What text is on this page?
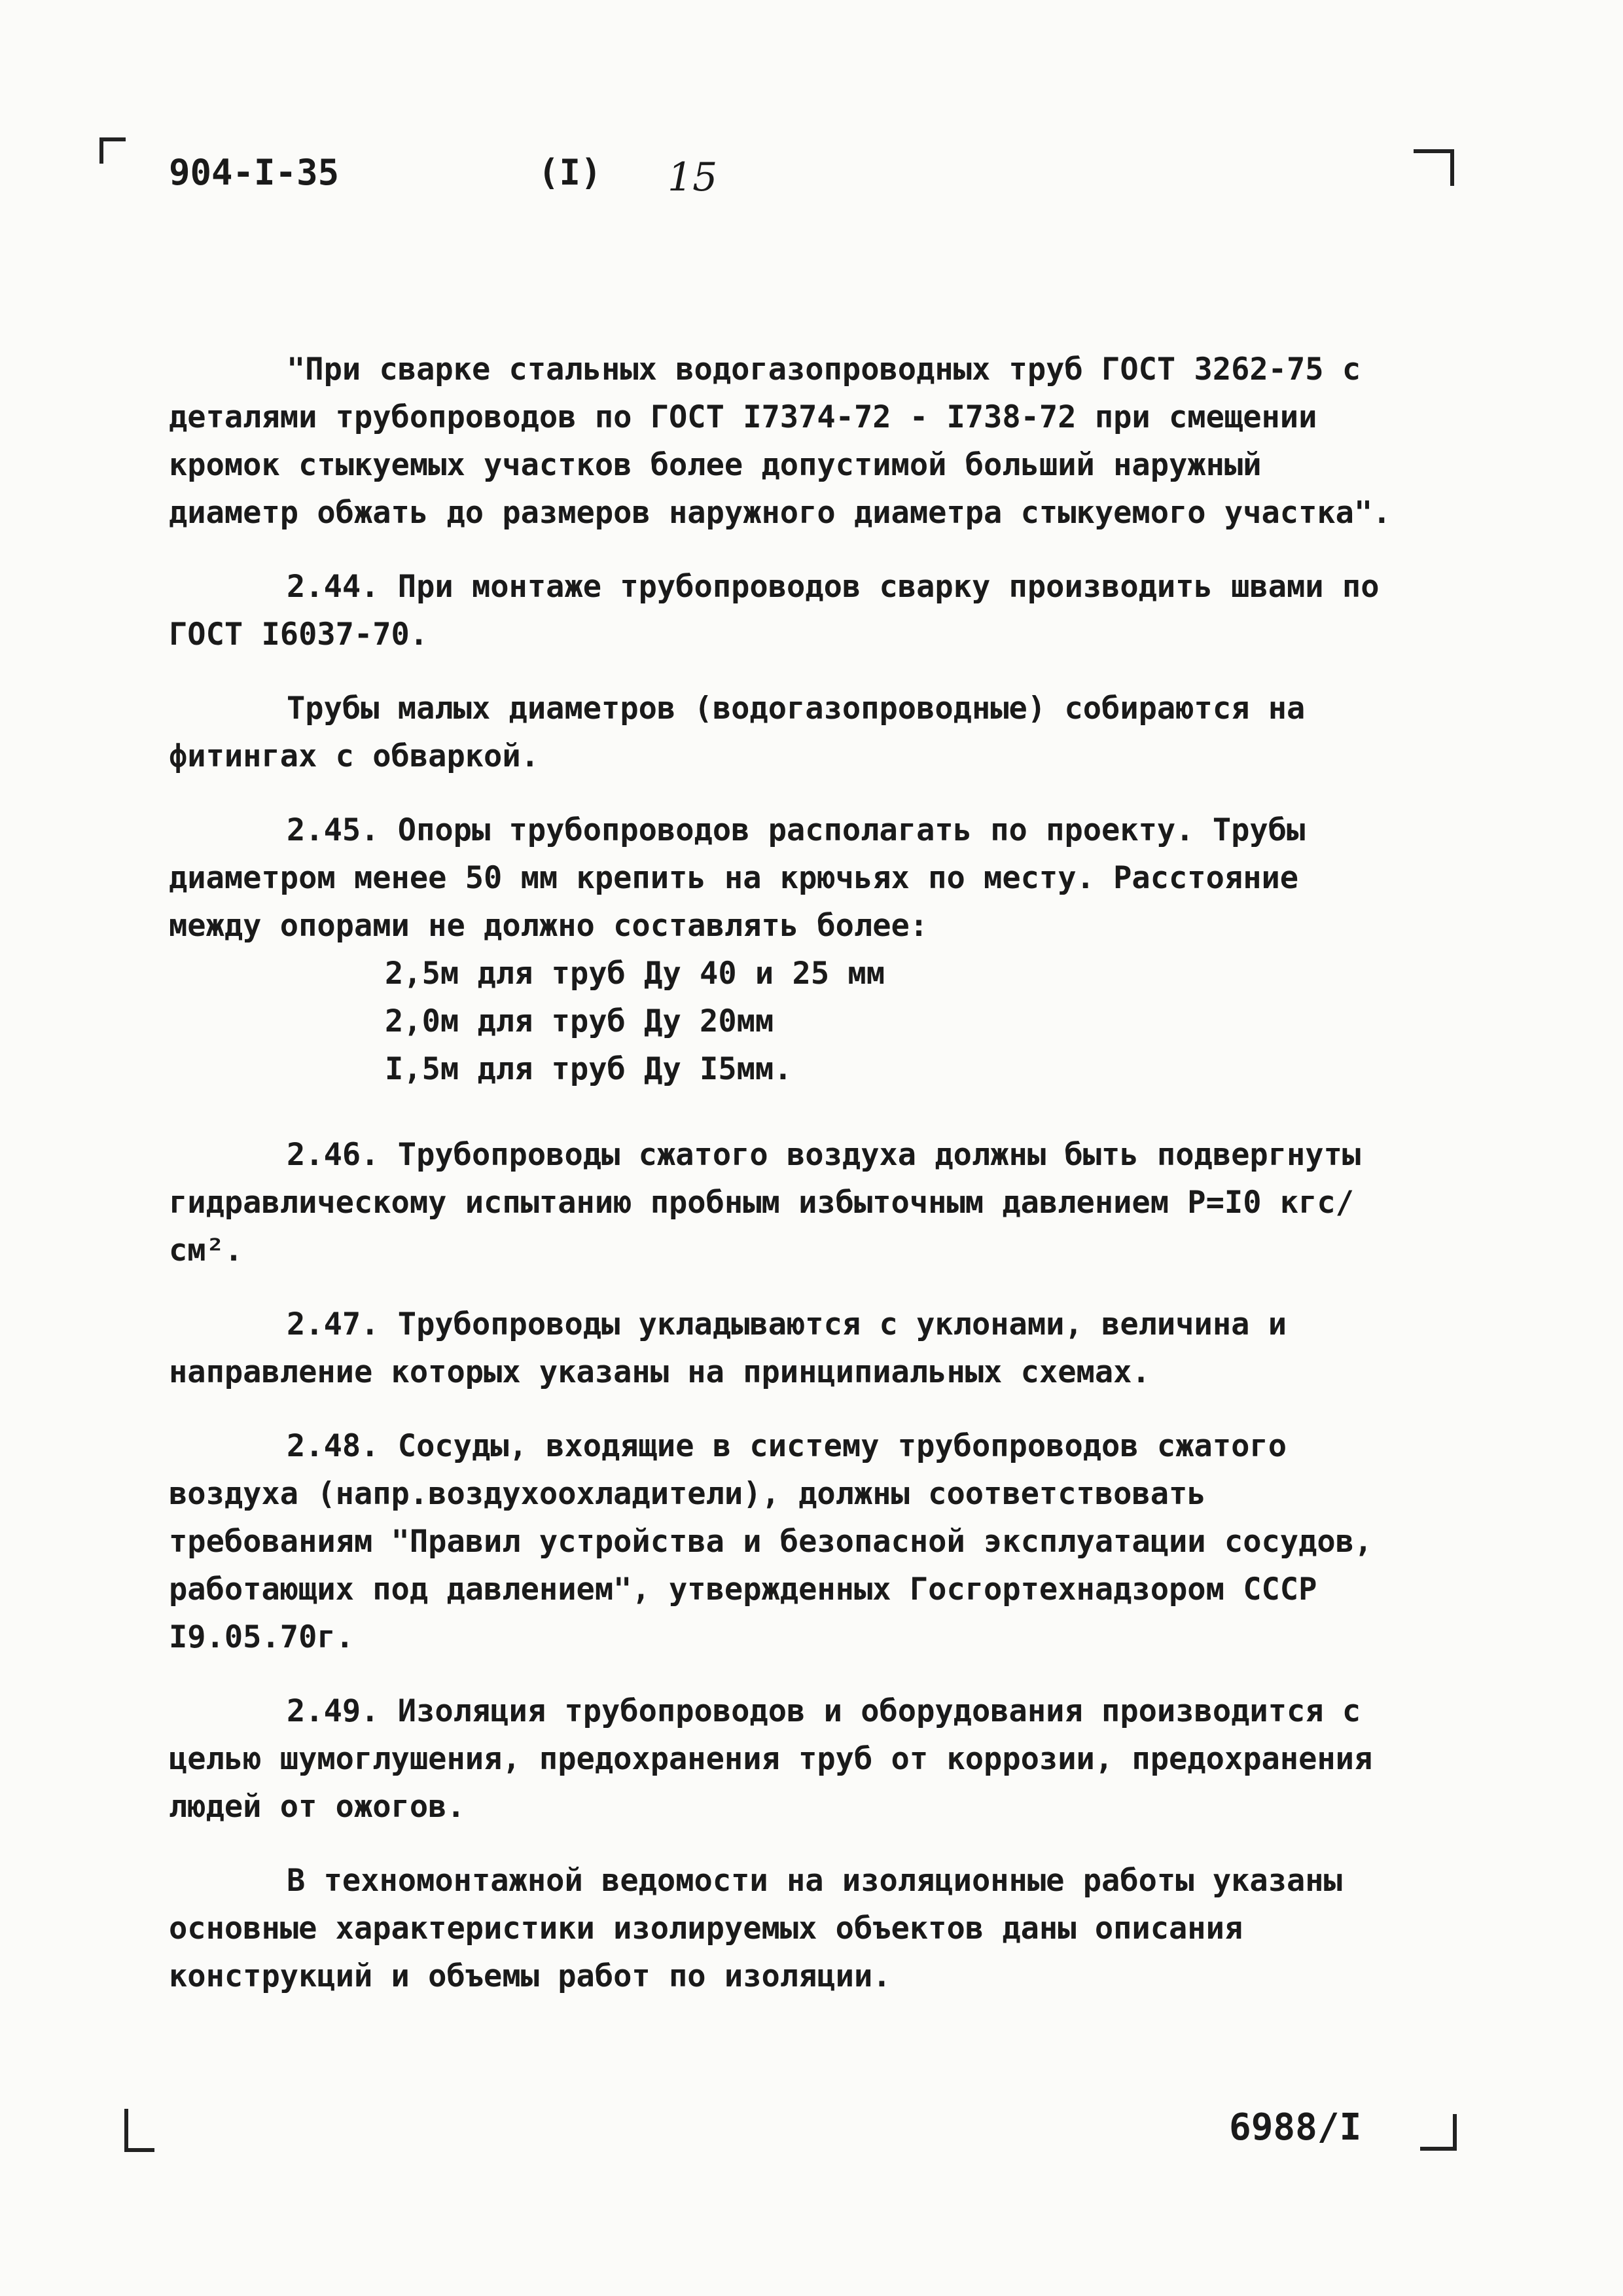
904-I-35	(I) 15

"При сварке стальных водогазопроводных труб ГОСТ 3262-75 с деталями трубопроводов по ГОСТ I7374-72 - I738-72 при смещении кромок стыкуемых участков более допустимой больший наружный диаметр обжать до размеров наружного диаметра стыкуемого участка".

2.44. При монтаже трубопроводов сварку производить швами по ГОСТ I6037-70.

Трубы малых диаметров (водогазопроводные) собираются на фитингах с обваркой.

2.45. Опоры трубопроводов располагать по проекту. Трубы диаметром менее 50 мм крепить на крючьях по месту. Расстояние между опорами не должно составлять более:

2,5м для труб Ду 40 и 25 мм

2,0м для труб Ду 20мм

I,5м для труб Ду I5мм.

2.46. Трубопроводы сжатого воздуха должны быть подвергнуты гидравлическому испытанию пробным избыточным давлением Р=I0 кгс/см².

2.47. Трубопроводы укладываются с уклонами, величина и направление которых указаны на принципиальных схемах.

2.48. Сосуды, входящие в систему трубопроводов сжатого воздуха (напр.воздухоохладители), должны соответствовать требованиям "Правил устройства и безопасной эксплуатации сосудов, работающих под давлением", утвержденных Госгортехнадзором СССР I9.05.70г.

2.49. Изоляция трубопроводов и оборудования производится с целью шумоглушения, предохранения труб от коррозии, предохранения людей от ожогов.

В техномонтажной ведомости на изоляционные работы указаны основные характеристики изолируемых объектов даны описания конструкций и объемы работ по изоляции.

6988/I
